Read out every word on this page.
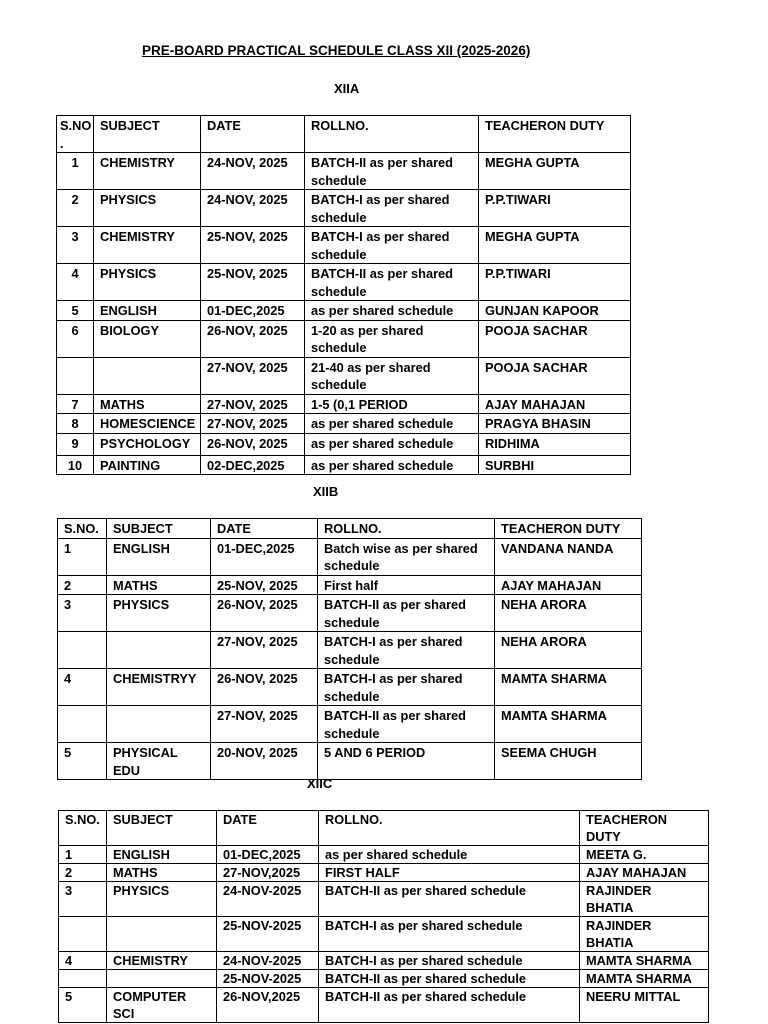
PRE-BOARD PRACTICAL SCHEDULE CLASS XII (2025-2026)
XIIA
S.NO
.	SUBJECT	DATE	ROLLNO.	TEACHERON DUTY
1	CHEMISTRY	24-NOV, 2025	BATCH-II as per shared schedule	MEGHA GUPTA
2	PHYSICS	24-NOV, 2025	BATCH-I as per shared schedule	P.P.TIWARI
3	CHEMISTRY	25-NOV, 2025	BATCH-I as per shared schedule	MEGHA GUPTA
4	PHYSICS	25-NOV, 2025	BATCH-II as per shared schedule	P.P.TIWARI
5	ENGLISH	01-DEC,2025	as per shared schedule	GUNJAN KAPOOR
6	BIOLOGY	26-NOV, 2025	1-20 as per shared schedule	POOJA SACHAR
		27-NOV, 2025	21-40 as per shared schedule	POOJA SACHAR
7	MATHS	27-NOV, 2025	1-5 (0,1 PERIOD	AJAY MAHAJAN
8	HOMESCIENCE	27-NOV, 2025	as per shared schedule	PRAGYA BHASIN
9	PSYCHOLOGY	26-NOV, 2025	as per shared schedule	RIDHIMA
10	PAINTING	02-DEC,2025	as per shared schedule	SURBHI
XIIB
S.NO.	SUBJECT	DATE	ROLLNO.	TEACHERON DUTY
1	ENGLISH	01-DEC,2025	Batch wise as per shared schedule	VANDANA NANDA
2	MATHS	25-NOV, 2025	First half	AJAY MAHAJAN
3	PHYSICS	26-NOV, 2025	BATCH-II as per shared schedule	NEHA ARORA
		27-NOV, 2025	BATCH-I as per shared schedule	NEHA ARORA
4	CHEMISTRYY	26-NOV, 2025	BATCH-I as per shared schedule	MAMTA SHARMA
		27-NOV, 2025	BATCH-II as per shared schedule	MAMTA SHARMA
5	PHYSICAL EDU	20-NOV, 2025	5 AND 6 PERIOD	SEEMA CHUGH
XIIC
S.NO.	SUBJECT	DATE	ROLLNO.	TEACHERON DUTY
1	ENGLISH	01-DEC,2025	as per shared schedule	MEETA G.
2	MATHS	27-NOV,2025	FIRST HALF	AJAY MAHAJAN
3	PHYSICS	24-NOV-2025	BATCH-II as per shared schedule	RAJINDER BHATIA
		25-NOV-2025	BATCH-I as per shared schedule	RAJINDER BHATIA
4	CHEMISTRY	24-NOV-2025	BATCH-I as per shared schedule	MAMTA SHARMA
		25-NOV-2025	BATCH-II as per shared schedule	MAMTA SHARMA
5	COMPUTER SCI	26-NOV,2025	BATCH-II as per shared schedule	NEERU MITTAL
